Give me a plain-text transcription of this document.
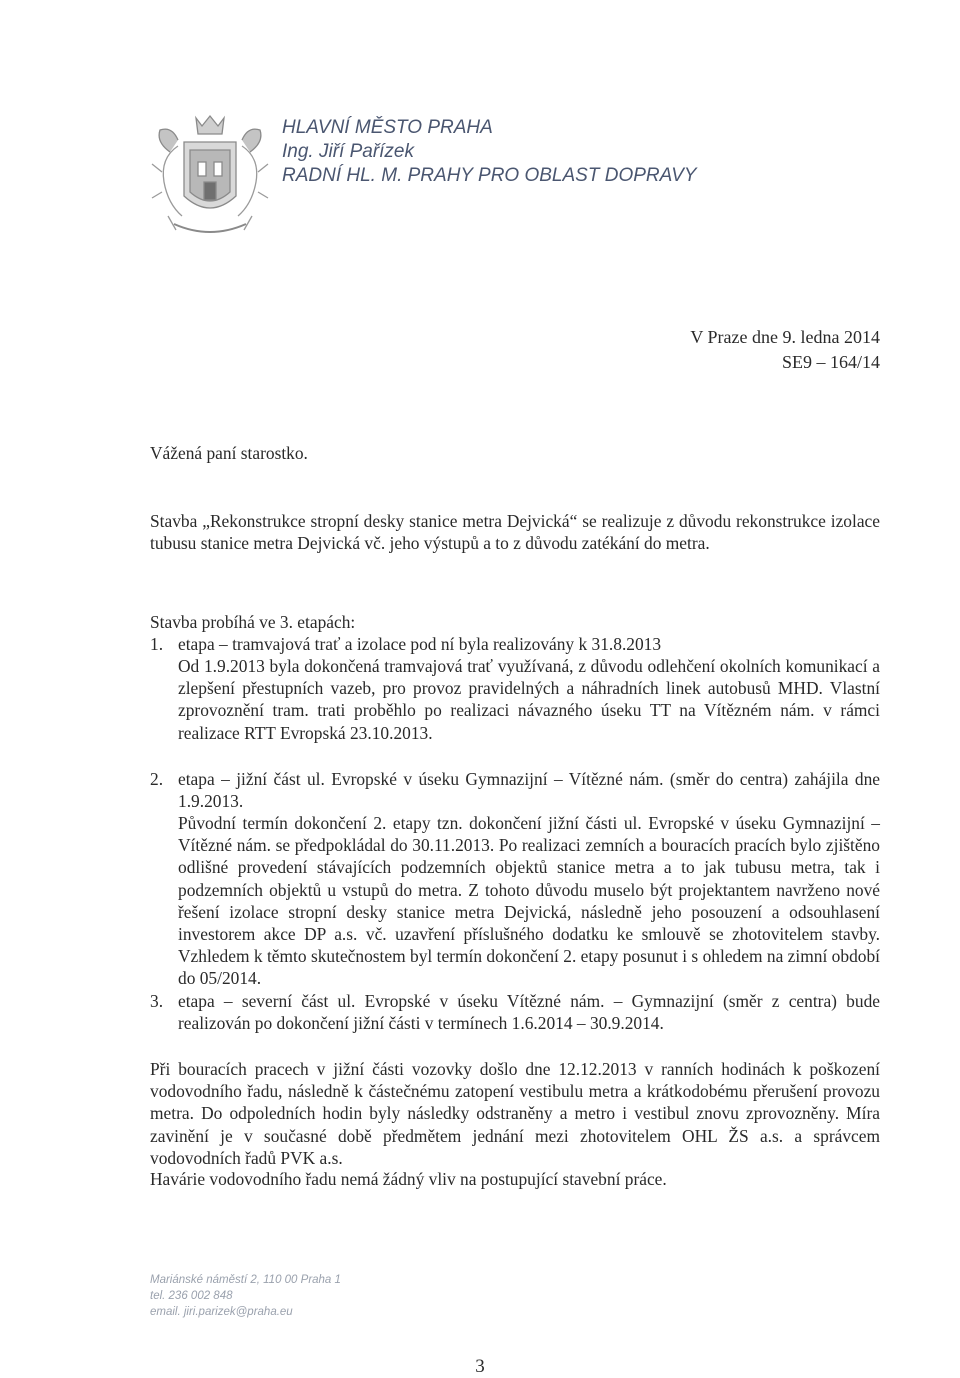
HLAVNÍ MĚSTO PRAHA
Ing. Jiří Pařízek
RADNÍ HL. M. PRAHY PRO OBLAST DOPRAVY
V Praze dne 9. ledna 2014
SE9 – 164/14
Vážená paní starostko.
Stavba „Rekonstrukce stropní desky stanice metra Dejvická“ se realizuje z důvodu rekonstrukce izolace tubusu stanice metra Dejvická vč. jeho výstupů a to z důvodu zatékání do metra.
Stavba probíhá ve 3. etapách:
1. etapa – tramvajová trať a izolace pod ní byla realizovány k 31.8.2013
Od 1.9.2013 byla dokončená tramvajová trať využívaná, z důvodu odlehčení okolních komunikací a zlepšení přestupních vazeb, pro provoz pravidelných a náhradních linek autobusů MHD. Vlastní zprovoznění tram. trati proběhlo po realizaci návazného úseku TT na Vítězném nám. v rámci realizace RTT Evropská 23.10.2013.
2. etapa – jižní část ul. Evropské v úseku Gymnazijní – Vítězné nám. (směr do centra) zahájila dne 1.9.2013.
Původní termín dokončení 2. etapy tzn. dokončení jižní části ul. Evropské v úseku Gymnazijní – Vítězné nám. se předpokládal do 30.11.2013. Po realizaci zemních a bouracích pracích bylo zjištěno odlišné provedení stávajících podzemních objektů stanice metra a to jak tubusu metra, tak i podzemních objektů u vstupů do metra. Z tohoto důvodu muselo být projektantem navrženo nové řešení izolace stropní desky stanice metra Dejvická, následně jeho posouzení a odsouhlasení investorem akce DP a.s. vč. uzavření příslušného dodatku ke smlouvě se zhotovitelem stavby. Vzhledem k těmto skutečnostem byl termín dokončení 2. etapy posunut i s ohledem na zimní období do 05/2014.
3. etapa – severní část ul. Evropské v úseku Vítězné nám. – Gymnazijní (směr z centra) bude realizován po dokončení jižní části v termínech 1.6.2014 – 30.9.2014.
Při bouracích pracech v jižní části vozovky došlo dne 12.12.2013 v ranních hodinách k poškození vodovodního řadu, následně k částečnému zatopení vestibulu metra a krátkodobému přerušení provozu metra. Do odpoledních hodin byly následky odstraněny a metro i vestibul znovu zprovozněny. Míra zavinění je v současné době předmětem jednání mezi zhotovitelem OHL ŽS a.s. a správcem vodovodních řadů PVK a.s.
Havárie vodovodního řadu nemá žádný vliv na postupující stavební práce.
Mariánské náměstí 2, 110 00 Praha 1
tel. 236 002 848
email. jiri.parizek@praha.eu
3
